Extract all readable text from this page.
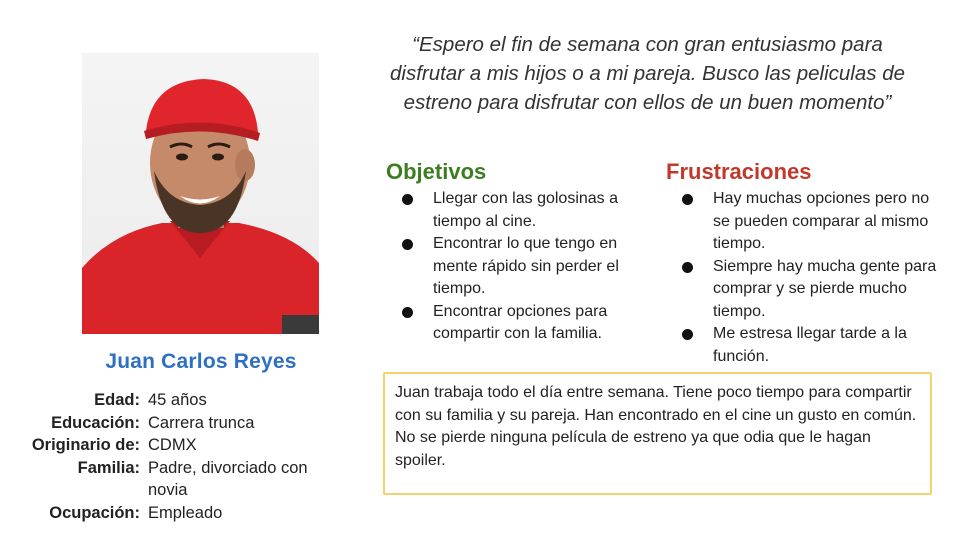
Juan Carlos Reyes
Edad: 45 años
Educación: Carrera trunca
Originario de: CDMX
Familia: Padre, divorciado con novia
Ocupación: Empleado
“Espero el fin de semana con gran entusiasmo para disfrutar a mis hijos o a mi pareja. Busco las peliculas de estreno para disfrutar con ellos de un buen momento”
Objetivos	Frustraciones
Llegar con las golosinas a tiempo al cine.
Encontrar lo que tengo en mente rápido sin perder el tiempo.
Encontrar opciones para compartir con la familia.
Hay muchas opciones pero no se pueden comparar al mismo tiempo.
Siempre hay mucha gente para comprar y se pierde mucho tiempo.
Me estresa llegar tarde a la función.

Juan trabaja todo el día entre semana. Tiene poco tiempo para compartir con su familia y su pareja. Han encontrado en el cine un gusto en común.

No se pierde ninguna película de estreno ya que odia que le hagan spoiler.
